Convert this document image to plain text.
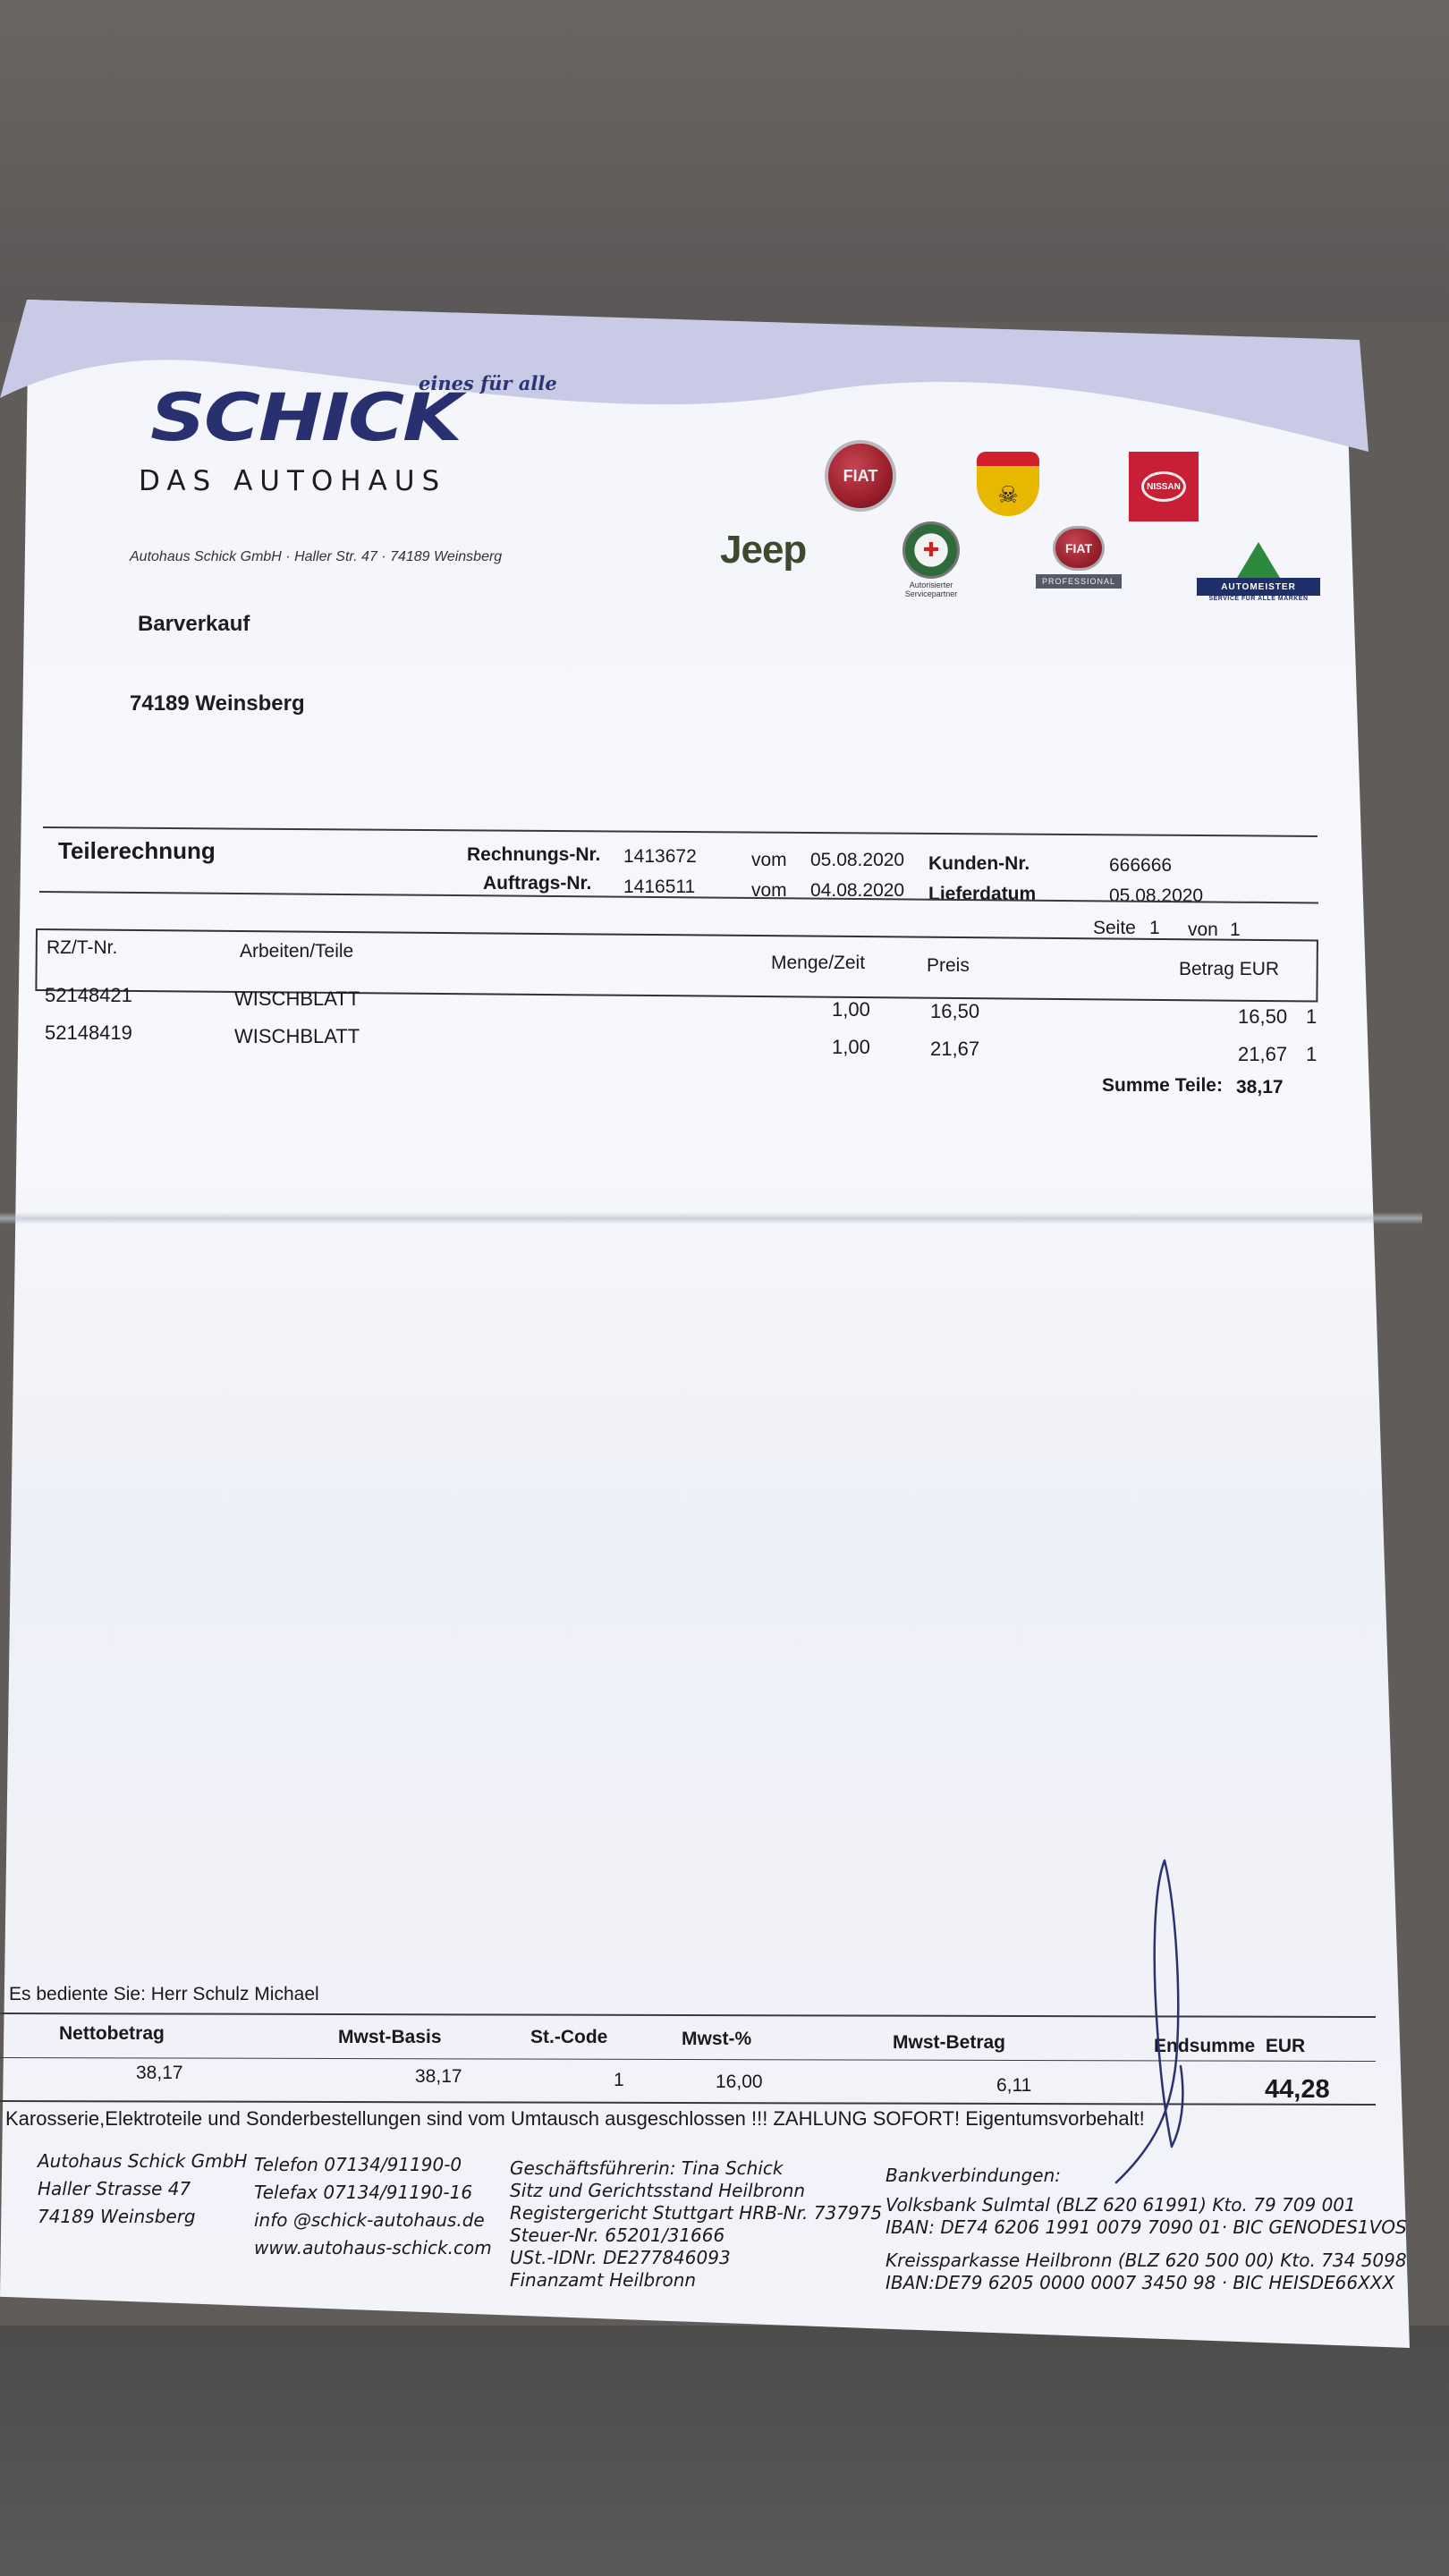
eines für alle
SCHICK
DAS AUTOHAUS
Autohaus Schick GmbH · Haller Str. 47 · 74189 Weinsberg
FIAT
☠	NISSAN
Jeep	✚
Autorisierter Servicepartner
FIAT
PROFESSIONAL
AUTOMEISTER
SERVICE FÜR ALLE MARKEN
Barverkauf
74189 Weinsberg
Teilerechnung	Rechnungs-Nr. 1413672	vom 05.08.2020 Kunden-Nr.	666666
Auftrags-Nr. 1416511	vom 04.08.2020 Lieferdatum	05.08.2020
Seite 1 von 1
RZ/T-Nr.	Arbeiten/Teile
Menge/Zeit	Preis	Betrag EUR
52148421	WISCHBLATT	1,00	16,50	16,50 1
52148419	WISCHBLATT	1,00	21,67	21,67 1
Summe Teile: 38,17
Es bediente Sie: Herr Schulz Michael
Nettobetrag	Mwst-Basis	St.-Code	Mwst-%	Mwst-Betrag	Endsumme  EUR
38,17	38,17	1	16,00	6,11	44,28
Karosserie,Elektroteile und Sonderbestellungen sind vom Umtausch ausgeschlossen !!! ZAHLUNG SOFORT! Eigentumsvorbehalt!
Autohaus Schick GmbH
Haller Strasse 47
74189 Weinsberg
Telefon 07134/91190-0
Telefax 07134/91190-16
info @schick-autohaus.de
www.autohaus-schick.com
Geschäftsführerin: Tina Schick
Sitz und Gerichtsstand Heilbronn
Registergericht Stuttgart HRB-Nr. 737975
Steuer-Nr. 65201/31666
USt.-IDNr. DE277846093
Finanzamt Heilbronn
Bankverbindungen:
Volksbank Sulmtal (BLZ 620 61991) Kto. 79 709 001
IBAN: DE74 6206 1991 0079 7090 01· BIC GENODES1VOS
Kreissparkasse Heilbronn (BLZ 620 500 00) Kto. 734 5098
IBAN:DE79 6205 0000 0007 3450 98 · BIC HEISDE66XXX
